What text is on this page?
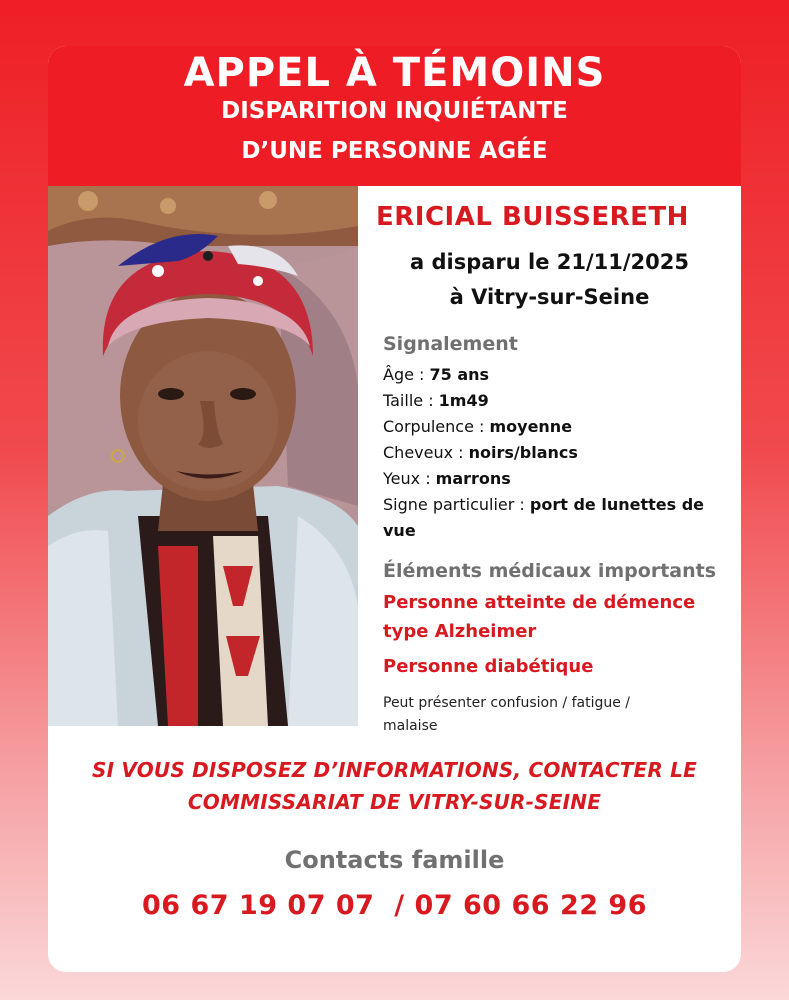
APPEL À TÉMOINS
DISPARITION INQUIÉTANTE
D’UNE PERSONNE AGÉE
ERICIAL BUISSERETH
a disparu le 21/11/2025
à Vitry-sur-Seine
Signalement
Âge : 75 ans
Taille : 1m49
Corpulence : moyenne
Cheveux : noirs/blancs
Yeux : marrons
Signe particulier : port de lunettes de
vue
Éléments médicaux importants
Personne atteinte de démence
type Alzheimer
Personne diabétique
Peut présenter confusion / fatigue /
malaise
SI VOUS DISPOSEZ D’INFORMATIONS, CONTACTER LE
COMMISSARIAT DE VITRY-SUR-SEINE
Contacts famille
06 67 19 07 07  / 07 60 66 22 96
